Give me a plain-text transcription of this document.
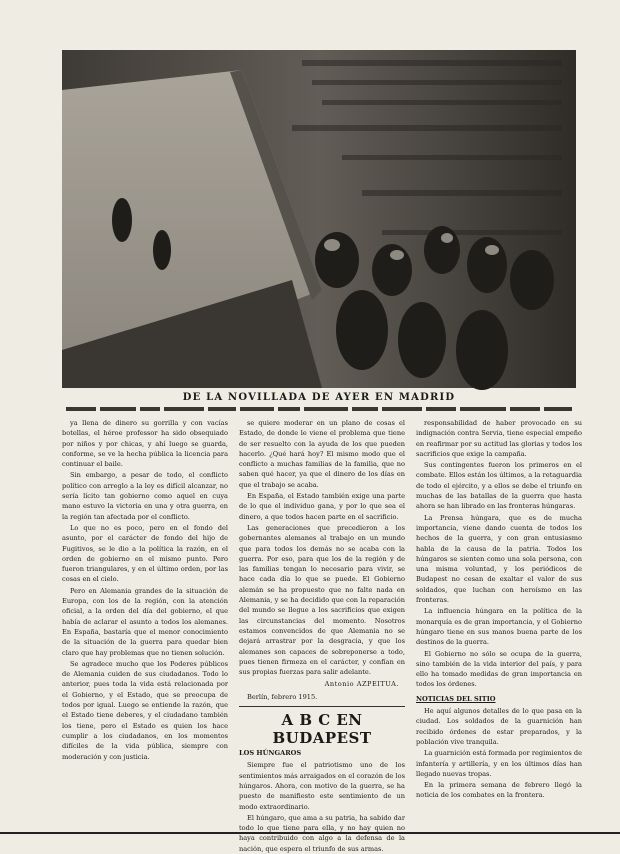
DE LA NOVILLADA DE AYER EN MADRID

ya llena de dinero su gorrilla y con vacías botellas, el héroe professor ha sido obsequiado por niños y por chicas, y ahí luego se guarda, conforme, se ve la hecha pública la licencia para continuar el baile.

Sin embargo, a pesar de todo, el conflicto político con arreglo a la ley es difícil alcanzar, no sería lícito tan gobierno como aquel en cuya mano estuvo la victoria en una y otra guerra, en la región tan afectada por el conflicto.

Lo que no es poco, pero en el fondo del asunto, por el carácter de fondo del hijo de Fugitivos, se le dio a la política la razón, en el orden de gobierno en el mismo punto. Pero fueron triangulares, y en el último orden, por las cosas en el cielo.

Pero en Alemania grandes de la situación de Europa, con los de la región, con la atención oficial, a la orden del día del gobierno, el que había de aclarar el asunto a todos los alemanes. En España, bastaría que el menor conocimiento de la situación de la guerra para quedar bien claro que hay problemas que no tienen solución.

Se agradece mucho que los Poderes públicos de Alemania cuiden de sus ciudadanos. Todo lo anterior, pues toda la vida está relacionada por el Gobierno, y el Estado, que se preocupa de todos por igual. Luego se entiende la razón, que el Estado tiene deberes, y el ciudadano también los tiene, pero el Estado es quien los hace cumplir a los ciudadanos, en los momentos difíciles de la vida pública, siempre con moderación y con justicia.

se quiere moderar en un plano de cosas el Estado, de donde le viene el problema que tiene de ser resuelto con la ayuda de los que pueden hacerlo. ¿Qué hará hoy? El mismo modo que el conflicto a muchas familias de la familia, que no saben qué hacer, ya que el dinero de los días en que el trabajo se acaba.

En España, el Estado también exige una parte de lo que el individuo gana, y por lo que sea el dinero, a que todos hacen parte en el sacrificio.

Las generaciones que precedieron a los gobernantes alemanes al trabajo en un mundo que para todos los demás no se acaba con la guerra. Por eso, para que los de la región y de las familias tengan lo necesario para vivir, se hace cada día lo que se puede. El Gobierno alemán se ha propuesto que no falte nada en Alemania, y se ha decidido que con la reparación del mundo se llegue a los sacrificios que exigen las circunstancias del momento. Nosotros estamos convencidos de que Alemania no se dejará arrastrar por la desgracia, y que los alemanes son capaces de sobreponerse a todo, pues tienen firmeza en el carácter, y confían en sus propias fuerzas para salir adelante.

Antonio AZPEITUA.
Berlín, febrero 1915.
A B C EN BUDAPEST
LOS HÚNGAROS

Siempre fue el patriotismo uno de los sentimientos más arraigados en el corazón de los húngaros. Ahora, con motivo de la guerra, se ha puesto de manifiesto este sentimiento de un modo extraordinario.

El húngaro, que ama a su patria, ha sabido dar todo lo que tiene para ella, y no hay quien no haya contribuido con algo a la defensa de la nación, que espera el triunfo de sus armas.

responsabilidad de haber provocado en su indignación contra Servia, tiene especial empeño en reafirmar por su actitud las glorias y todos los sacrificios que exige la campaña.

Sus contingentes fueron los primeros en el combate. Ellos están los últimos, a la retaguardia de todo el ejército, y a ellos se debe el triunfo en muchas de las batallas de la guerra que hasta ahora se han librado en las fronteras húngaras.

La Prensa húngara, que es de mucha importancia, viene dando cuenta de todos los hechos de la guerra, y con gran entusiasmo habla de la causa de la patria. Todos los húngaros se sienten como una sola persona, con una misma voluntad, y los periódicos de Budapest no cesan de exaltar el valor de sus soldados, que luchan con heroísmo en las fronteras.

La influencia húngara en la política de la monarquía es de gran importancia, y el Gobierno húngaro tiene en sus manos buena parte de los destinos de la guerra.

El Gobierno no sólo se ocupa de la guerra, sino también de la vida interior del país, y para ello ha tomado medidas de gran importancia en todos los órdenes.

NOTICIAS DEL SITIO

He aquí algunos detalles de lo que pasa en la ciudad. Los soldados de la guarnición han recibido órdenes de estar preparados, y la población vive tranquila.

La guarnición está formada por regimientos de infantería y artillería, y en los últimos días han llegado nuevas tropas.

En la primera semana de febrero llegó la noticia de los combates en la frontera.
